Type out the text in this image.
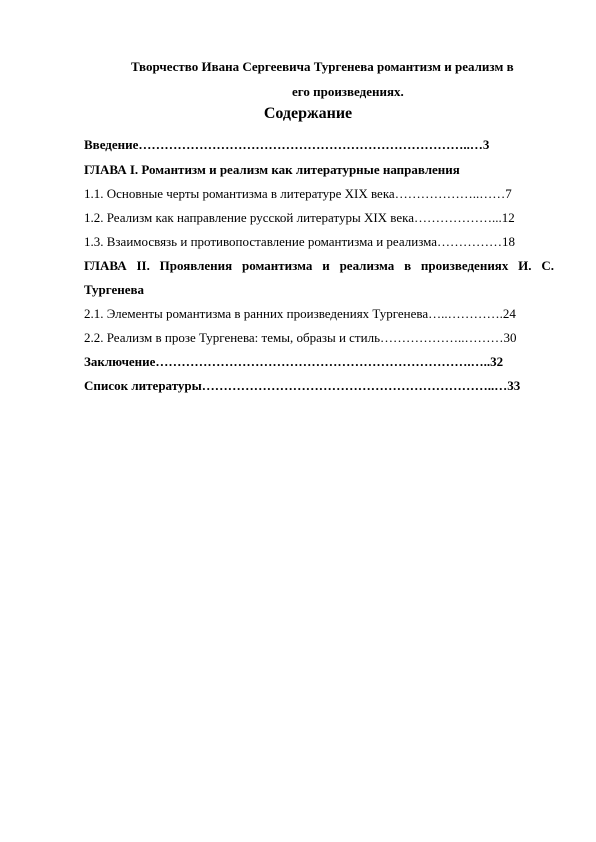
Творчество Ивана Сергеевича Тургенева романтизм и реализм в
его произведениях.
Содержание
Введение…………………………………………………………………..…3
ГЛАВА I. Романтизм и реализм как литературные направления
1.1. Основные черты романтизма в литературе XIX века………………..……7
1.2. Реализм как направление русской литературы XIX века………………...12
1.3. Взаимосвязь и противопоставление романтизма и реализма……………18
ГЛАВА II. Проявления романтизма и реализма в произведениях И. С.
Тургенева
2.1. Элементы романтизма в ранних произведениях Тургенева…..………….24
2.2. Реализм в прозе Тургенева: темы, образы и стиль………………..………30
Заключение……………………………………………………………….…..32
Список литературы…………………………………………………………..…33
